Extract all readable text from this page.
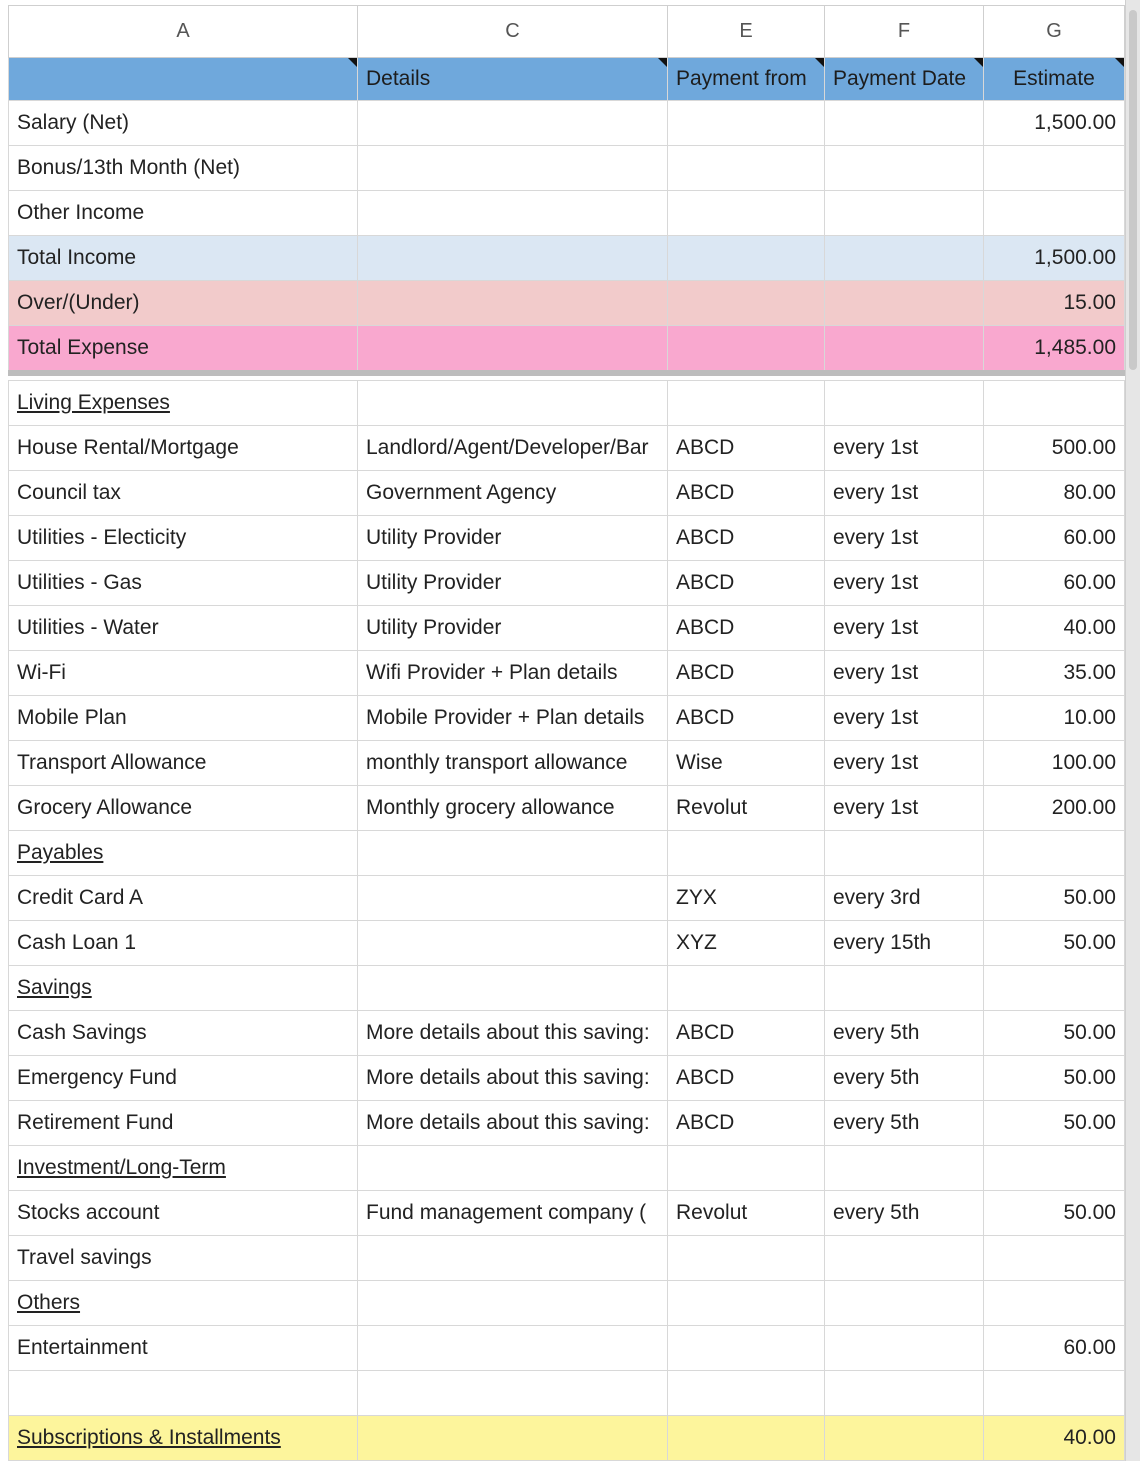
A	C	E	F	G
	Details	Payment from	Payment Date	Estimate
Salary (Net)				1,500.00
Bonus/13th Month (Net)				
Other Income				
Total Income				1,500.00
Over/(Under)				15.00
Total Expense				1,485.00

Living Expenses				
House Rental/Mortgage	Landlord/Agent/Developer/Bar	ABCD	every 1st	500.00
Council tax	Government Agency	ABCD	every 1st	80.00
Utilities - Electicity	Utility Provider	ABCD	every 1st	60.00
Utilities - Gas	Utility Provider	ABCD	every 1st	60.00
Utilities - Water	Utility Provider	ABCD	every 1st	40.00
Wi-Fi	Wifi Provider + Plan details	ABCD	every 1st	35.00
Mobile Plan	Mobile Provider + Plan details	ABCD	every 1st	10.00
Transport Allowance	monthly transport allowance	Wise	every 1st	100.00
Grocery Allowance	Monthly grocery allowance	Revolut	every 1st	200.00
Payables				
Credit Card A		ZYX	every 3rd	50.00
Cash Loan 1		XYZ	every 15th	50.00
Savings				
Cash Savings	More details about this saving:	ABCD	every 5th	50.00
Emergency Fund	More details about this saving:	ABCD	every 5th	50.00
Retirement Fund	More details about this saving:	ABCD	every 5th	50.00
Investment/Long-Term				
Stocks account	Fund management company (	Revolut	every 5th	50.00
Travel savings				
Others				
Entertainment				60.00

Subscriptions & Installments				40.00
